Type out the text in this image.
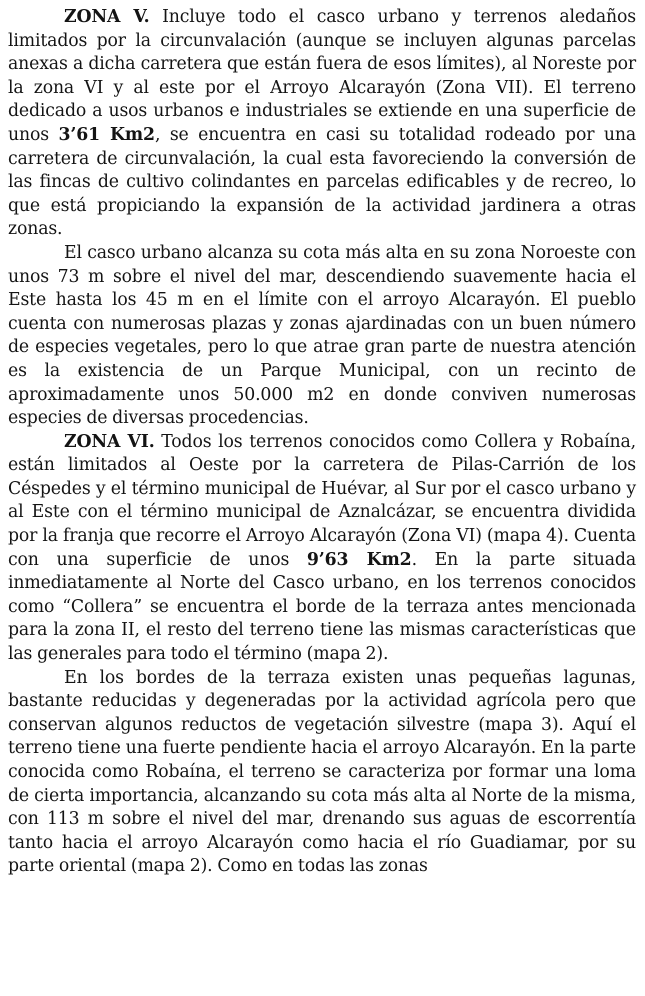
ZONA V. Incluye todo el casco urbano y terrenos aledaños limitados por la circunvalación (aunque se incluyen algunas parcelas anexas a dicha carretera que están fuera de esos límites), al Noreste por la zona VI y al este por el Arroyo Alcarayón (Zona VII). El terreno dedicado a usos urbanos e industriales se extiende en una superficie de unos 3’61 Km2, se encuentra en casi su totalidad rodeado por una carretera de circunvalación, la cual esta favoreciendo la conversión de las fincas de cultivo colindantes en parcelas edificables y de recreo, lo que está propiciando la expansión de la actividad jardinera a otras zonas.

El casco urbano alcanza su cota más alta en su zona Noroeste con unos 73 m sobre el nivel del mar, descendiendo suavemente hacia el Este hasta los 45 m en el límite con el arroyo Alcarayón. El pueblo cuenta con numerosas plazas y zonas ajardinadas con un buen número de especies vegetales, pero lo que atrae gran parte de nuestra atención es la existencia de un Parque Municipal, con un recinto de aproximadamente unos 50.000 m2 en donde conviven numerosas especies de diversas procedencias.

ZONA VI. Todos los terrenos conocidos como Collera y Robaína, están limitados al Oeste por la carretera de Pilas-Carrión de los Céspedes y el término municipal de Huévar, al Sur por el casco urbano y al Este con el término municipal de Aznalcázar, se encuentra dividida por la franja que recorre el Arroyo Alcarayón (Zona VI) (mapa 4). Cuenta con una superficie de unos 9’63 Km2. En la parte situada inmediatamente al Norte del Casco urbano, en los terrenos conocidos como “Collera” se encuentra el borde de la terraza antes mencionada para la zona II, el resto del terreno tiene las mismas características que las generales para todo el término (mapa 2).

En los bordes de la terraza existen unas pequeñas lagunas, bastante reducidas y degeneradas por la actividad agrícola pero que conservan algunos reductos de vegetación silvestre (mapa 3). Aquí el terreno tiene una fuerte pendiente hacia el arroyo Alcarayón. En la parte conocida como Robaína, el terreno se caracteriza por formar una loma de cierta importancia, alcanzando su cota más alta al Norte de la misma, con 113 m sobre el nivel del mar, drenando sus aguas de escorrentía tanto hacia el arroyo Alcarayón como hacia el río Guadiamar, por su parte oriental (mapa 2). Como en todas las zonas
